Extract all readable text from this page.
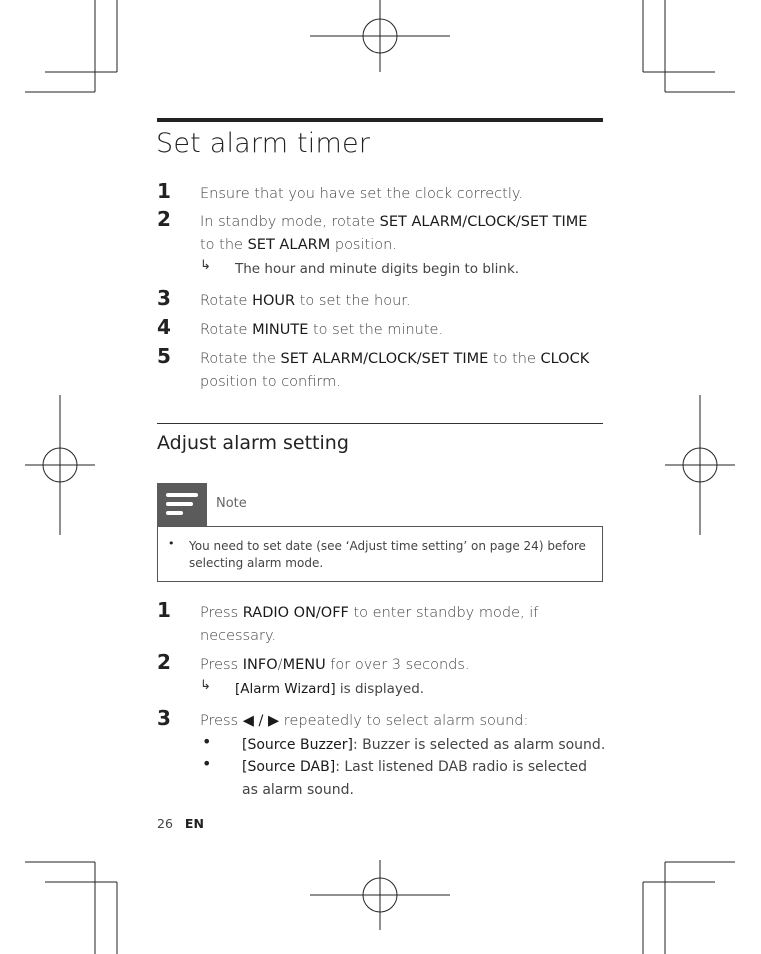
Set alarm timer
1 Ensure that you have set the clock correctly.
2 In standby mode, rotate SET ALARM/CLOCK/SET TIME to the SET ALARM position.
↳ The hour and minute digits begin to blink.
3 Rotate HOUR to set the hour.
4 Rotate MINUTE to set the minute.
5 Rotate the SET ALARM/CLOCK/SET TIME to the CLOCK position to confirm.
Adjust alarm setting
Note
• You need to set date (see ‘Adjust time setting’ on page 24) before selecting alarm mode.
1 Press RADIO ON/OFF to enter standby mode, if necessary.
2 Press INFO/MENU for over 3 seconds.
↳ [Alarm Wizard] is displayed.
3 Press ◀ / ▶ repeatedly to select alarm sound:
• [Source Buzzer]: Buzzer is selected as alarm sound.
• [Source DAB]: Last listened DAB radio is selected as alarm sound.
26 EN
